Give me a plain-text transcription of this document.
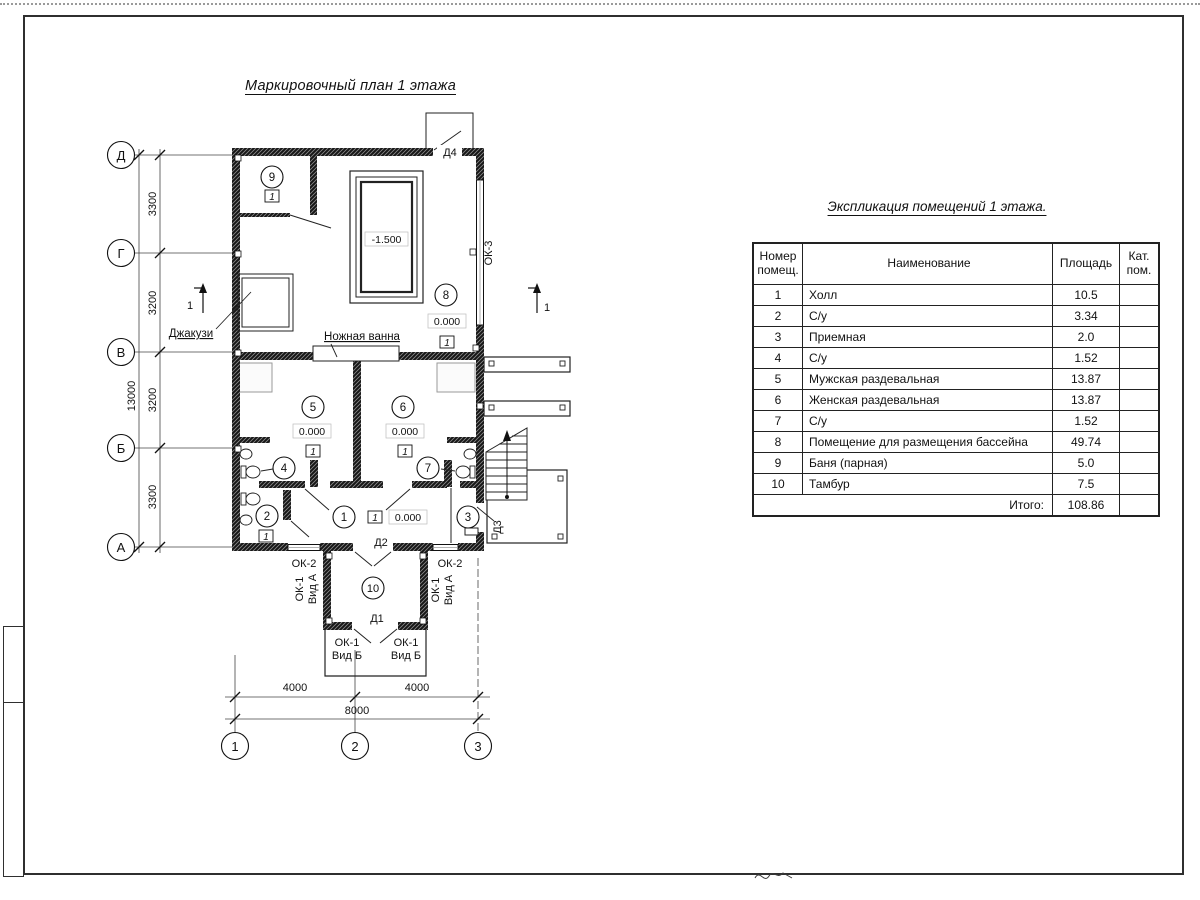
Маркировочный план 1 этажа
Экспликация помещений 1 этажа.
Номер помещ.	Наименование	Площадь	Кат. пом.
1	Холл	10.5	
2	С/у	3.34	
3	Приемная	2.0	
4	С/у	1.52	
5	Мужская раздевальная	13.87	
6	Женская раздевальная	13.87	
7	С/у	1.52	
8	Помещение для размещения бассейна	49.74	
9	Баня (парная)	5.0	
10	Тамбур	7.5	
Итого:		108.86	
Д
Г
В
Б
А
1	2	3
3300
3200
3200
3300
13000
4000	4000
8000
-1.500
1	1
9
8
5	6
4	7
2	1	3
10
1
1
1	1
1
1
0.000
0.000	0.000
0.000
Джакузи	Ножная ванна
Д4
Д2
Д1
Д3
ОК-3
ОК-2	ОК-2
ОК-1 Вид А	ОК-1 Вид А
ОК-1
Вид Б
ОК-1
Вид Б
